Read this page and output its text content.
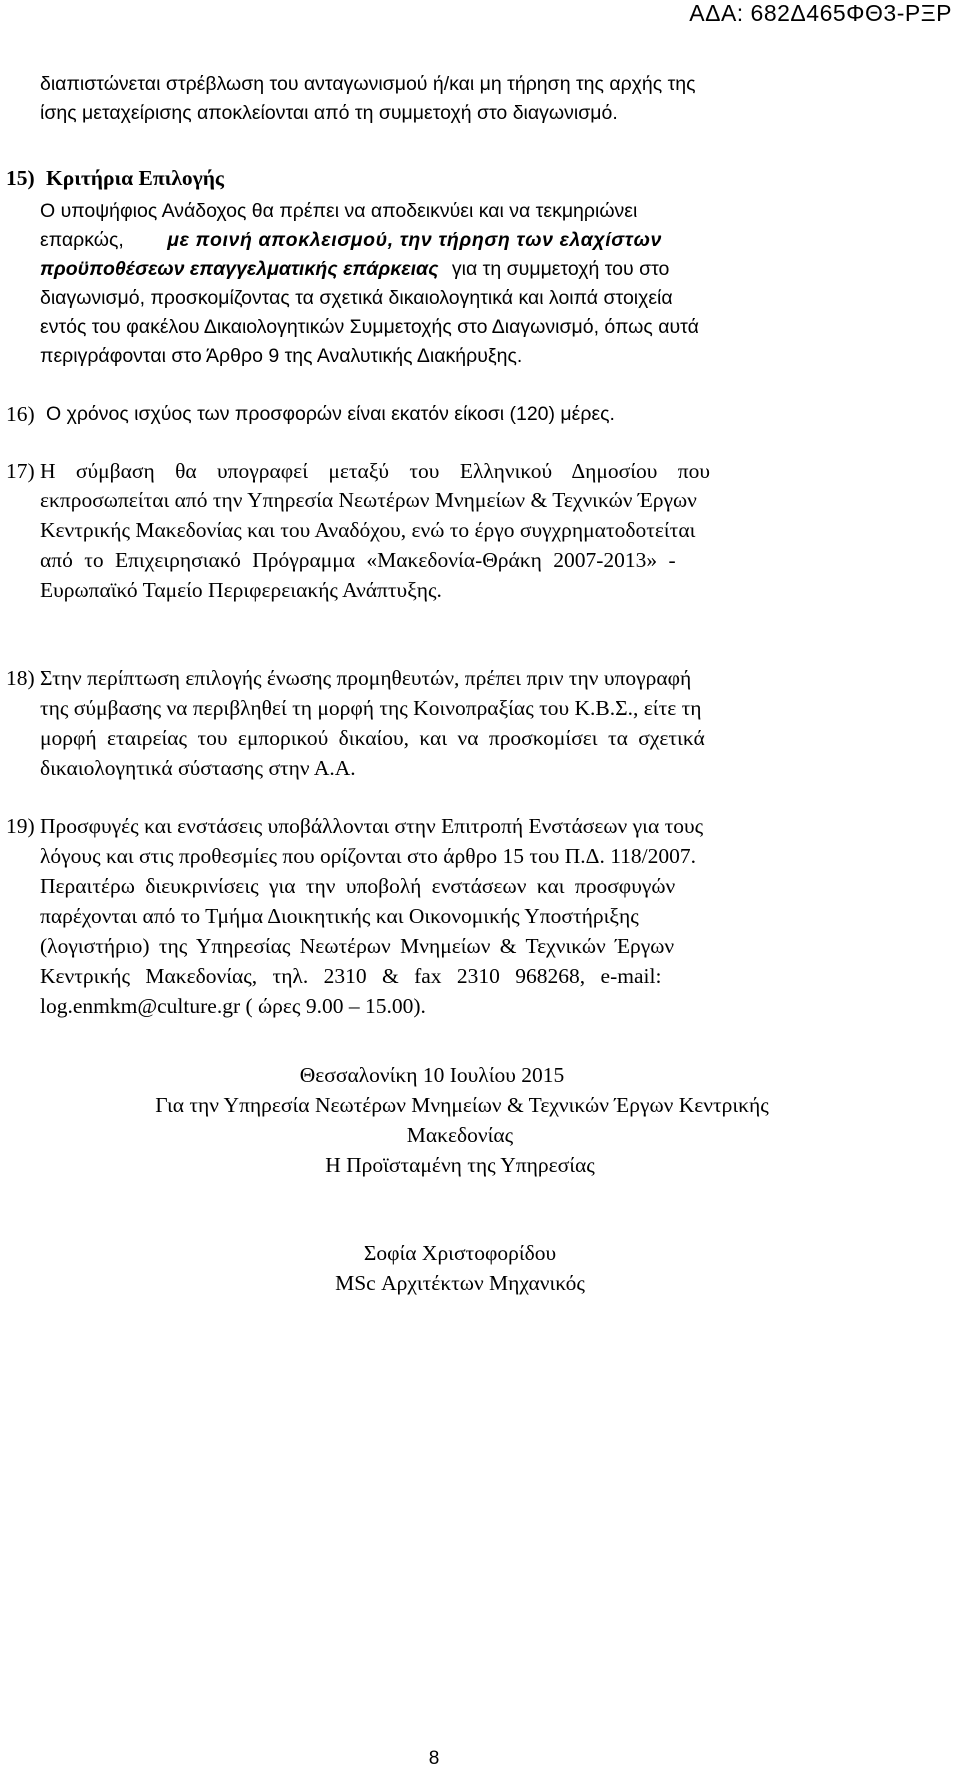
ΑΔΑ: 682Δ465ΦΘ3-ΡΞΡ
διαπιστώνεται στρέβλωση του ανταγωνισμού ή/και μη τήρηση της αρχής της
ίσης μεταχείρισης αποκλείονται από τη συμμετοχή στο διαγωνισμό.
15) Κριτήρια Επιλογής
Ο υποψήφιος Ανάδοχος θα πρέπει να αποδεικνύει και να τεκμηριώνει
επαρκώς, με ποινή αποκλεισμού, την τήρηση των ελαχίστων
προϋποθέσεων επαγγελματικής επάρκειας για τη συμμετοχή του στο
διαγωνισμό, προσκομίζοντας τα σχετικά δικαιολογητικά και λοιπά στοιχεία
εντός του φακέλου Δικαιολογητικών Συμμετοχής στο Διαγωνισμό, όπως αυτά
περιγράφονται στο Άρθρο 9 της Αναλυτικής Διακήρυξης.
16) Ο χρόνος ισχύος των προσφορών είναι εκατόν είκοσι (120) μέρες.
17) Η σύμβαση θα υπογραφεί μεταξύ του Ελληνικού Δημοσίου που
εκπροσωπείται από την Υπηρεσία Νεωτέρων Μνημείων & Τεχνικών Έργων
Κεντρικής Μακεδονίας και του Αναδόχου, ενώ το έργο συγχρηματοδοτείται
από το Επιχειρησιακό Πρόγραμμα «Μακεδονία-Θράκη 2007-2013» -
Ευρωπαϊκό Ταμείο Περιφερειακής Ανάπτυξης.
18) Στην περίπτωση επιλογής ένωσης προμηθευτών, πρέπει πριν την υπογραφή
της σύμβασης να περιβληθεί τη μορφή της Κοινοπραξίας του Κ.Β.Σ., είτε τη
μορφή εταιρείας του εμπορικού δικαίου, και να προσκομίσει τα σχετικά
δικαιολογητικά σύστασης στην Α.Α.
19) Προσφυγές και ενστάσεις υποβάλλονται στην Επιτροπή Ενστάσεων για τους
λόγους και στις προθεσμίες που ορίζονται στο άρθρο 15 του Π.Δ. 118/2007.
Περαιτέρω διευκρινίσεις για την υποβολή ενστάσεων και προσφυγών
παρέχονται από το Τμήμα Διοικητικής και Οικονομικής Υποστήριξης
(λογιστήριο) της Υπηρεσίας Νεωτέρων Μνημείων & Τεχνικών Έργων
Κεντρικής Μακεδονίας, τηλ. 2310 & fax 2310 968268, e-mail:
log.enmkm@culture.gr ( ώρες 9.00 – 15.00).
Θεσσαλονίκη 10 Ιουλίου 2015
Για την Υπηρεσία Νεωτέρων Μνημείων & Τεχνικών Έργων Κεντρικής
Μακεδονίας
Η Προϊσταμένη της Υπηρεσίας
Σοφία Χριστοφορίδου
MSc Αρχιτέκτων Μηχανικός
8
